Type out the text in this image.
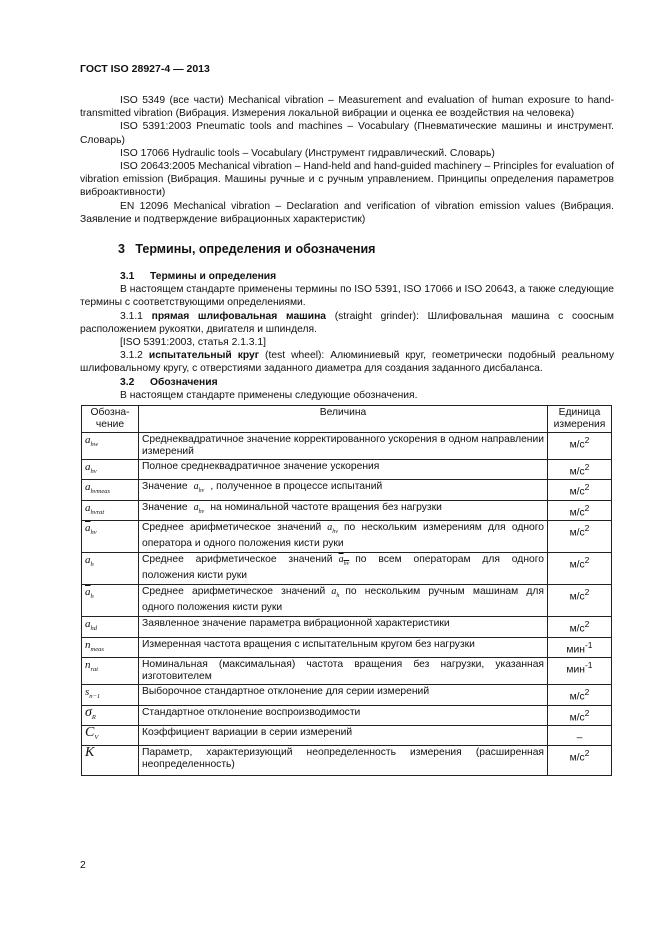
ГОСТ ISO 28927-4 — 2013

ISO 5349 (все части) Mechanical vibration – Measurement and evaluation of human exposure to hand-transmitted vibration (Вибрация. Измерения локальной вибрации и оценка ее воздействия на человека)

ISO 5391:2003 Pneumatic tools and machines – Vocabulary (Пневматические машины и инструмент. Словарь)

ISO 17066 Hydraulic tools – Vocabulary (Инструмент гидравлический. Словарь)

ISO 20643:2005 Mechanical vibration – Hand-held and hand-guided machinery – Principles for evaluation of vibration emission (Вибрация. Машины ручные и с ручным управлением. Принципы определения параметров виброактивности)

EN 12096 Mechanical vibration – Declaration and verification of vibration emission values (Вибрация. Заявление и подтверждение вибрационных характеристик)

3 Термины, определения и обозначения

3.1 Термины и определения

В настоящем стандарте применены термины по ISO 5391, ISO 17066 и ISO 20643, а также следующие термины с соответствующими определениями.

3.1.1 прямая шлифовальная машина (straight grinder): Шлифовальная машина с соосным расположением рукоятки, двигателя и шпинделя.

[ISO 5391:2003, статья 2.1.3.1]

3.1.2 испытательный круг (test wheel): Алюминиевый круг, геометрически подобный реальному шлифовальному кругу, с отверстиями заданного диаметра для создания заданного дисбаланса.

3.2 Обозначения

В настоящем стандарте применены следующие обозначения.

Обозна-чение	Величина	Единица измерения
$a_{hw}$	Среднеквадратичное значение корректированного ускорения в одном направлении измерений	$м/с^2$
$a_{hv}$	Полное среднеквадратичное значение ускорения	$м/с^2$
$a_{hvmeas}$	Значение $a_{hv}$ , полученное в процессе испытаний	$м/с^2$
$a_{hvrat}$	Значение $a_{hv}$ на номинальной частоте вращения без нагрузки	$м/с^2$
$\overline{a}_{hv}$	Среднее арифметическое значений $a_{hv}$ по нескольким измерениям для одного оператора и одного положения кисти руки	$м/с^2$
$a_h$	Среднее арифметическое значений $a_{hv}$ по всем операторам для одного положения кисти руки	$м/с^2$
$\overline{a}_h$	Среднее арифметическое значений $a_h$ по нескольким ручным машинам для одного положения кисти руки	$м/с^2$
$a_{hd}$	Заявленное значение параметра вибрационной характеристики	$м/с^2$
$n_{meas}$	Измеренная частота вращения с испытательным кругом без нагрузки	мин$^{-1}$
$n_{rat}$	Номинальная (максимальная) частота вращения без нагрузки, указанная изготовителем	мин$^{-1}$
$s_{n-1}$	Выборочное стандартное отклонение для серии измерений	$м/с^2$
$\sigma_R$	Стандартное отклонение воспроизводимости	$м/с^2$
$C_V$	Коэффициент вариации в серии измерений	–
K	Параметр, характеризующий неопределенность измерения (расширенная неопределенность)	$м/с^2$
2
